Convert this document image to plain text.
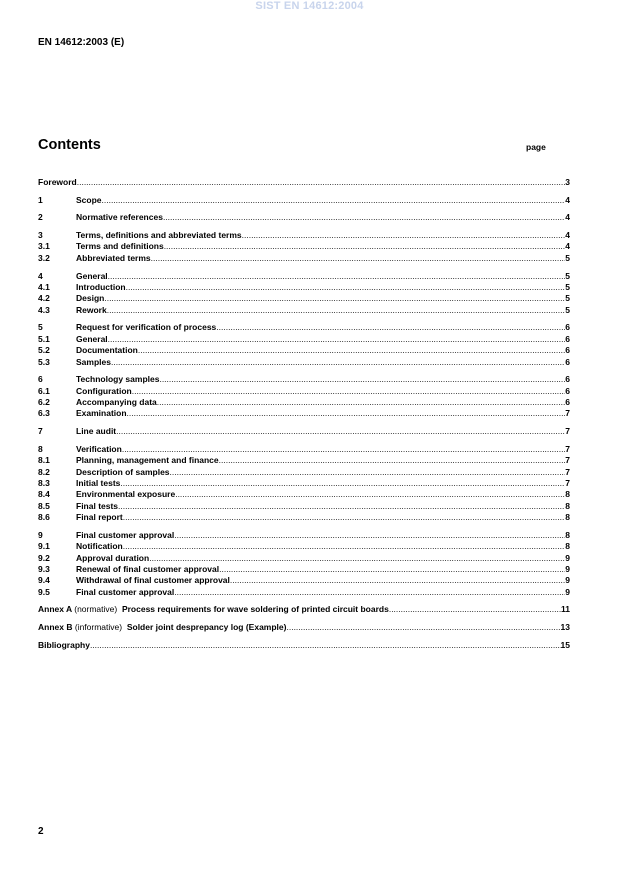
SIST EN 14612:2004
EN 14612:2003 (E)
Contents	page
Foreword .....	3
1	Scope .....	4
2	Normative references .....	4
3	Terms, definitions and abbreviated terms .....	4
3.1	Terms and definitions .....	4
3.2	Abbreviated terms .....	5
4	General .....	5
4.1	Introduction .....	5
4.2	Design .....	5
4.3	Rework .....	5
5	Request for verification of process .....	6
5.1	General .....	6
5.2	Documentation .....	6
5.3	Samples .....	6
6	Technology samples .....	6
6.1	Configuration .....	6
6.2	Accompanying data .....	6
6.3	Examination .....	7
7	Line audit .....	7
8	Verification .....	7
8.1	Planning, management and finance .....	7
8.2	Description of samples .....	7
8.3	Initial tests .....	7
8.4	Environmental exposure .....	8
8.5	Final tests .....	8
8.6	Final report .....	8
9	Final customer approval .....	8
9.1	Notification .....	8
9.2	Approval duration .....	9
9.3	Renewal of final customer approval .....	9
9.4	Withdrawal of final customer approval .....	9
9.5	Final customer approval .....	9
Annex A (normative) Process requirements for wave soldering of printed circuit boards .....	11
Annex B (informative) Solder joint desprepancy log (Example) .....	13
Bibliography .....	15
2
